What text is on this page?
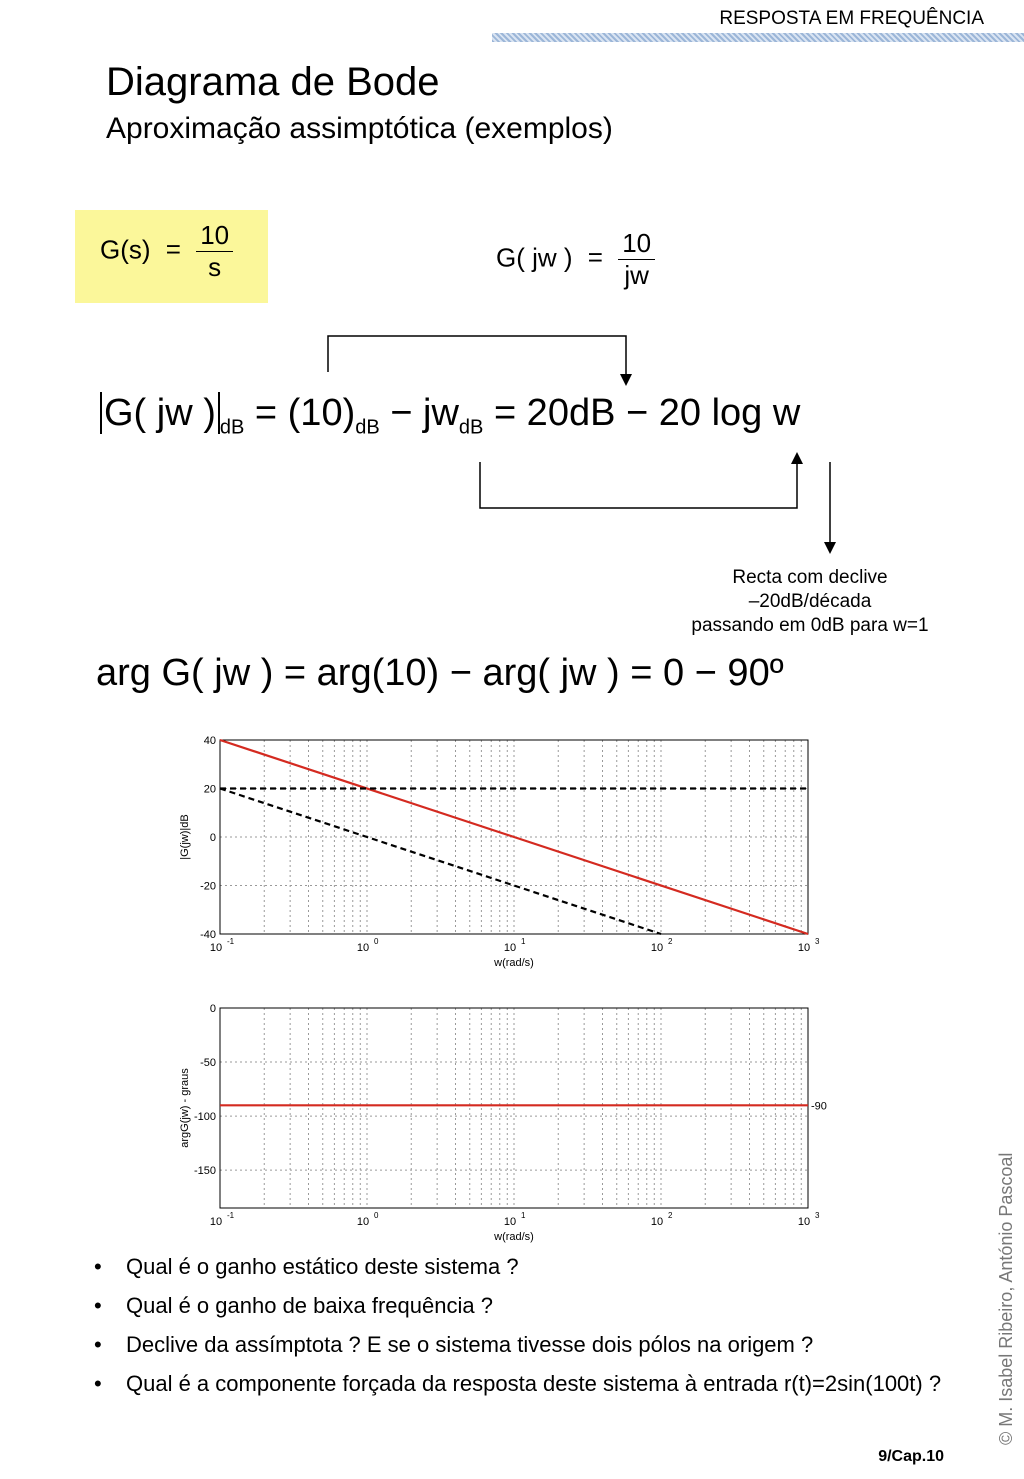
RESPOSTA EM FREQUÊNCIA
Diagrama de Bode
Aproximação assimptótica (exemplos)
$G(s) = \frac{10}{s}$	G( jw ) = $\frac{10}{jw}$
G( jw ) $_{dB} = (10)_{dB} - jw_{dB} = 20dB - 20$ log w
Recta com declive
–20dB/década
passando em 0dB para w=1
arg G( jw ) = arg(10) − arg( jw ) = 0 − 90º
40
20
0
-20
-40
10
-1
10
0
10
1
10
2
10
3
w(rad/s)
|G(jw)|dB
0
-50
-100
-150
10
-1
10
0
10
1
10
2
10
3
w(rad/s)
argG(jw) - graus	-90
• Qual é o ganho estático deste sistema ?
• Qual é o ganho de baixa frequência ?
• Declive da assímptota ? E se o sistema tivesse dois pólos na origem ?
• Qual é a componente forçada da resposta deste sistema à entrada r(t)=2sin(100t) ?	© M. Isabel Ribeiro, António Pascoal
9/Cap.10
